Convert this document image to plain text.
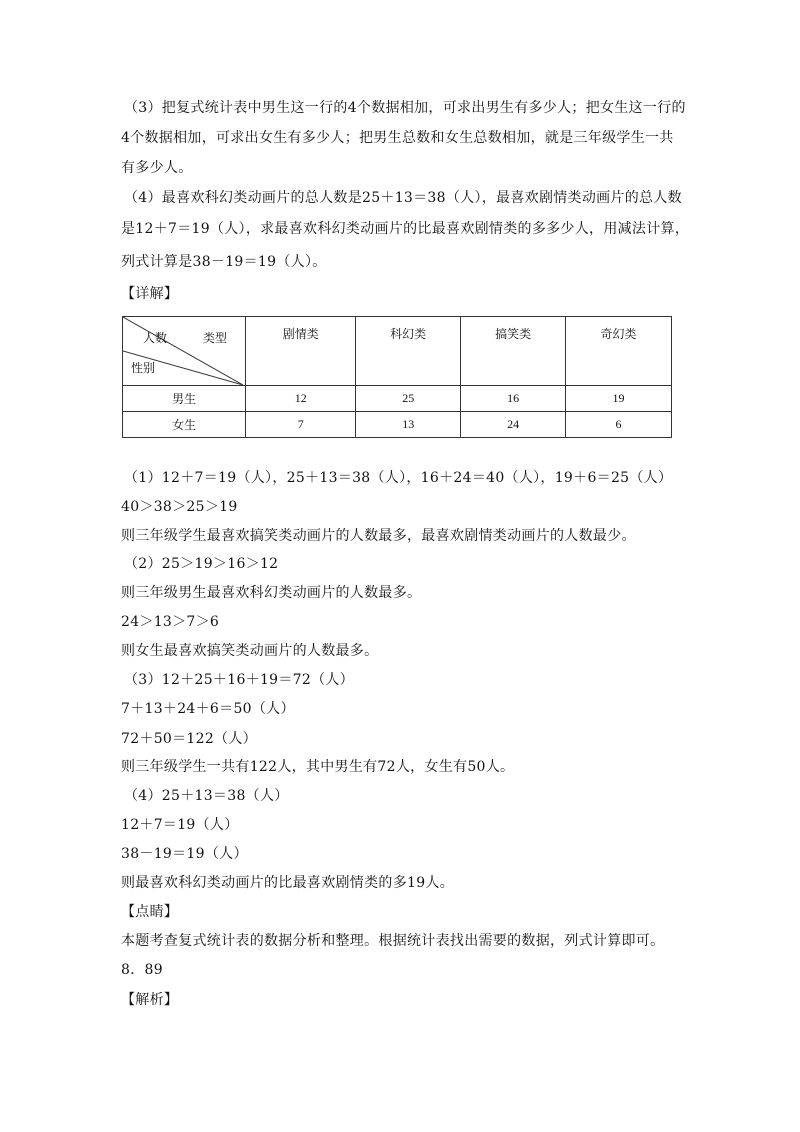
（3）把复式统计表中男生这一行的4个数据相加，可求出男生有多少人；把女生这一行的
4个数据相加，可求出女生有多少人；把男生总数和女生总数相加，就是三年级学生一共
有多少人。
（4）最喜欢科幻类动画片的总人数是25＋13＝38（人），最喜欢剧情类动画片的总人数
是12＋7＝19（人），求最喜欢科幻类动画片的比最喜欢剧情类的多多少人，用减法计算，
列式计算是38－19＝19（人）。
【详解】
人数 类型
性别	剧情类	科幻类	搞笑类	奇幻类
男生	12	25	16	19
女生	7	13	24	6
（1）12＋7＝19（人），25＋13＝38（人），16＋24＝40（人），19＋6＝25（人）
40＞38＞25＞19
则三年级学生最喜欢搞笑类动画片的人数最多，最喜欢剧情类动画片的人数最少。
（2）25＞19＞16＞12
则三年级男生最喜欢科幻类动画片的人数最多。
24＞13＞7＞6
则女生最喜欢搞笑类动画片的人数最多。
（3）12＋25＋16＋19＝72（人）
7＋13＋24＋6＝50（人）
72＋50＝122（人）
则三年级学生一共有122人，其中男生有72人，女生有50人。
（4）25＋13＝38（人）
12＋7＝19（人）
38－19＝19（人）
则最喜欢科幻类动画片的比最喜欢剧情类的多19人。
【点睛】
本题考查复式统计表的数据分析和整理。根据统计表找出需要的数据，列式计算即可。
8．89
【解析】
